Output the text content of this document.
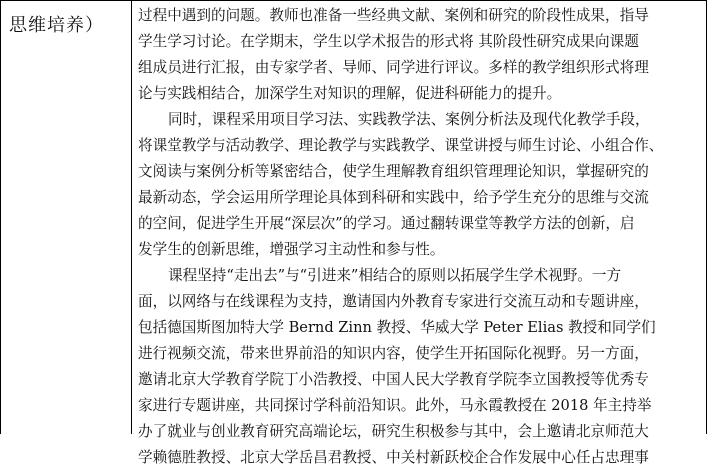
思维培养） 过程中遇到的问题。教师也准备一些经典文献、案例和研究的阶段性成果，指导
学生学习讨论。在学期末，学生以学术报告的形式将 其阶段性研究成果向课题
组成员进行汇报，由专家学者、导师、同学进行评议。多样的教学组织形式将理
论与实践相结合，加深学生对知识的理解，促进科研能力的提升。
同时，课程采用项目学习法、实践教学法、案例分析法及现代化教学手段，
将课堂教学与活动教学、理论教学与实践教学、课堂讲授与师生讨论、小组合作、
文阅读与案例分析等紧密结合，使学生理解教育组织管理理论知识，掌握研究的
最新动态，学会运用所学理论具体到科研和实践中，给予学生充分的思维与交流
的空间，促进学生开展“深层次”的学习。通过翻转课堂等教学方法的创新，启
发学生的创新思维，增强学习主动性和参与性。
课程坚持“走出去”与“引进来”相结合的原则以拓展学生学术视野。一方
面，以网络与在线课程为支持，邀请国内外教育专家进行交流互动和专题讲座，
包括德国斯图加特大学 Bernd Zinn 教授、华威大学 Peter Elias 教授和同学们
进行视频交流，带来世界前沿的知识内容，使学生开拓国际化视野。另一方面，
邀请北京大学教育学院丁小浩教授、中国人民大学教育学院李立国教授等优秀专
家进行专题讲座，共同探讨学科前沿知识。此外，马永霞教授在 2018 年主持举
办了就业与创业教育研究高端论坛，研究生积极参与其中，会上邀请北京师范大
学赖德胜教授、北京大学岳昌君教授、中关村新跃校企合作发展中心任占忠理事
